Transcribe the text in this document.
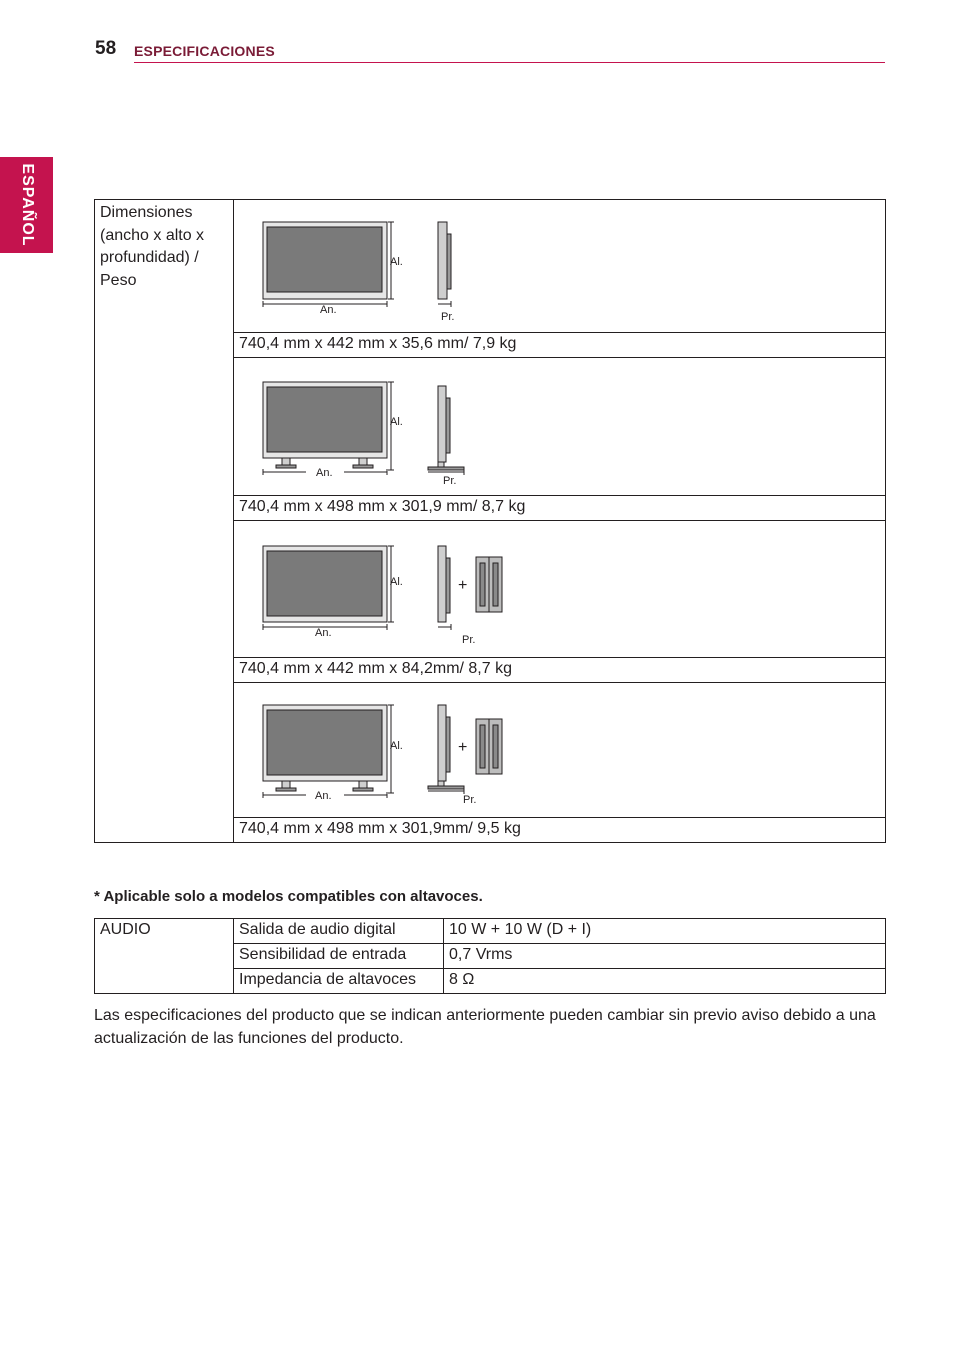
58 ESPECIFICACIONES
ESPAÑOL	Dimensiones (ancho x alto x profundidad) / Peso	
Al.
An.
Pr.

740,4 mm x 442 mm x 35,6 mm/ 7,9 kg

Al.
An.
Pr.

740,4 mm x 498 mm x 301,9 mm/ 8,7 kg

Al.
An.
+
Pr.

740,4 mm x 442 mm x 84,2mm/ 8,7 kg

Al.
An.
+
Pr.

740,4 mm x 498 mm x 301,9mm/ 9,5 kg
* Aplicable solo a modelos compatibles con altavoces.
AUDIO	Salida de audio digital	10 W + 10 W (D + I)
	Sensibilidad de entrada	0,7 Vrms
	Impedancia de altavoces	8 Ω
Las especificaciones del producto que se indican anteriormente pueden cambiar sin previo aviso debido a una actualización de las funciones del producto.
